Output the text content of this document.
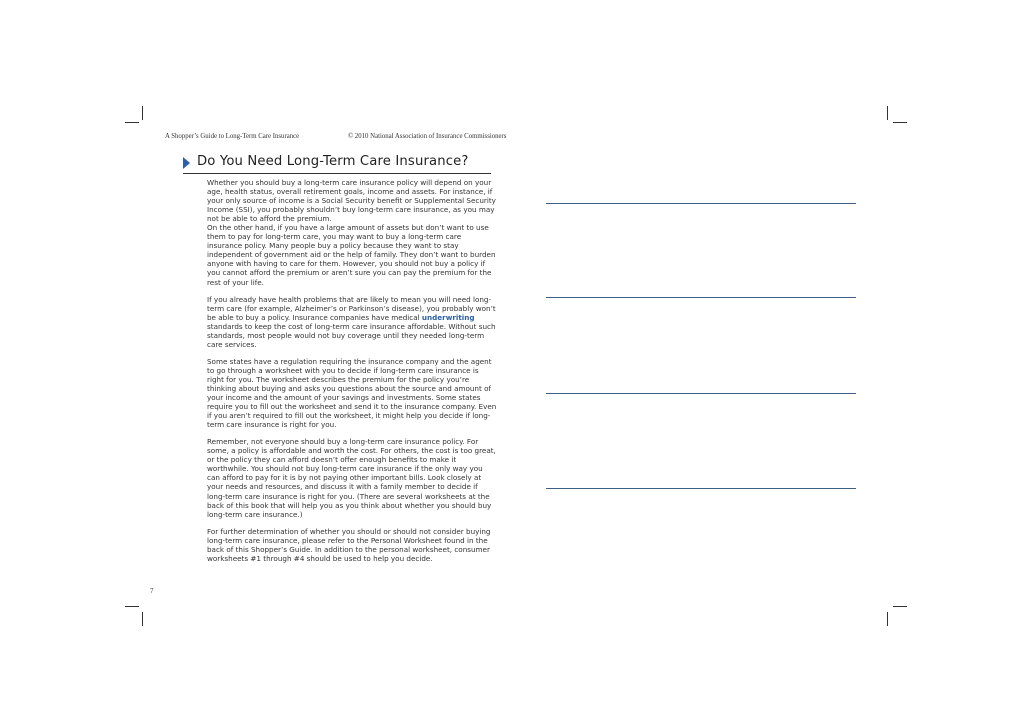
A Shopper’s Guide to Long-Term Care Insurance	© 2010 National Association of Insurance Commissioners
Do You Need Long-Term Care Insurance?

Whether you should buy a long-term care insurance policy will depend on your age, health status, overall retirement goals, income and assets. For instance, if your only source of income is a Social Security benefit or Supplemental Security Income (SSI), you probably shouldn’t buy long-term care insurance, as you may not be able to afford the premium.
On the other hand, if you have a large amount of assets but don’t want to use them to pay for long-term care, you may want to buy a long-term care insurance policy. Many people buy a policy because they want to stay independent of government aid or the help of family. They don’t want to burden anyone with having to care for them. However, you should not buy a policy if you cannot afford the premium or aren’t sure you can pay the premium for the rest of your life.

If you already have health problems that are likely to mean you will need long-term care (for example, Alzheimer’s or Parkinson’s disease), you probably won’t be able to buy a policy. Insurance companies have medical underwriting standards to keep the cost of long-term care insurance affordable. Without such standards, most people would not buy coverage until they needed long-term care services.

Some states have a regulation requiring the insurance company and the agent to go through a worksheet with you to decide if long-term care insurance is right for you. The worksheet describes the premium for the policy you’re thinking about buying and asks you questions about the source and amount of your income and the amount of your savings and investments. Some states require you to fill out the worksheet and send it to the insurance company. Even if you aren’t required to fill out the worksheet, it might help you decide if long-term care insurance is right for you.

Remember, not everyone should buy a long-term care insurance policy. For some, a policy is affordable and worth the cost. For others, the cost is too great, or the policy they can afford doesn’t offer enough benefits to make it worthwhile. You should not buy long-term care insurance if the only way you can afford to pay for it is by not paying other important bills. Look closely at your needs and resources, and discuss it with a family member to decide if long-term care insurance is right for you. (There are several worksheets at the back of this book that will help you as you think about whether you should buy long-term care insurance.)

For further determination of whether you should or should not consider buying long-term care insurance, please refer to the Personal Worksheet found in the back of this Shopper’s Guide. In addition to the personal worksheet, consumer worksheets #1 through #4 should be used to help you decide.

7
